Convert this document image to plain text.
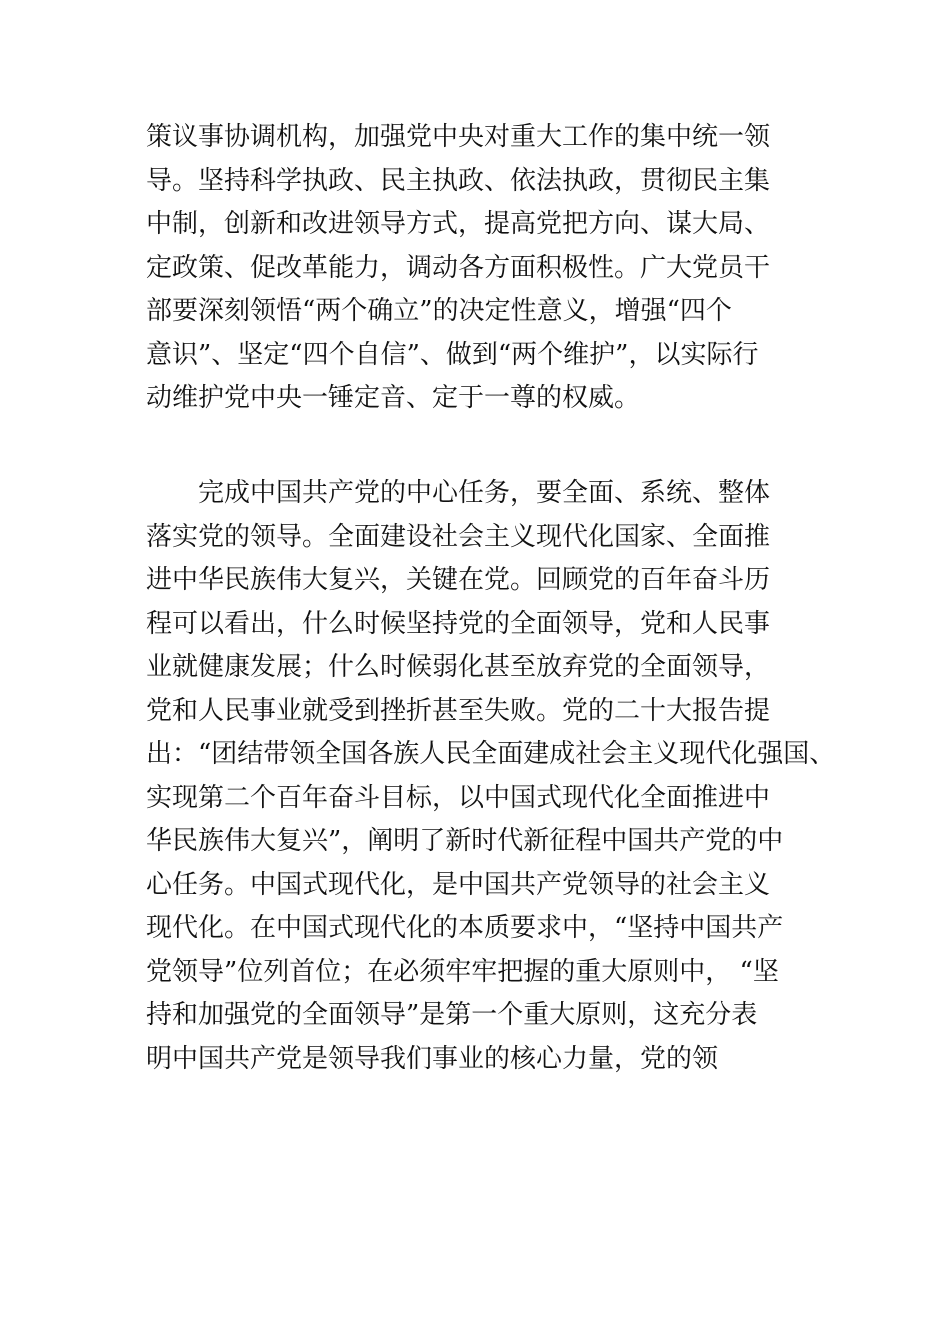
策议事协调机构，加强党中央对重大工作的集中统一领
导。坚持科学执政、民主执政、依法执政，贯彻民主集
中制，创新和改进领导方式，提高党把方向、谋大局、
定政策、促改革能力，调动各方面积极性。广大党员干
部要深刻领悟“两个确立”的决定性意义，增强“四个
意识”、坚定“四个自信”、做到“两个维护”，以实际行
动维护党中央一锤定音、定于一尊的权威。

完成中国共产党的中心任务，要全面、系统、整体
落实党的领导。全面建设社会主义现代化国家、全面推
进中华民族伟大复兴，关键在党。回顾党的百年奋斗历
程可以看出，什么时候坚持党的全面领导，党和人民事
业就健康发展；什么时候弱化甚至放弃党的全面领导，
党和人民事业就受到挫折甚至失败。党的二十大报告提
出：“团结带领全国各族人民全面建成社会主义现代化强国、
实现第二个百年奋斗目标，以中国式现代化全面推进中
华民族伟大复兴”，阐明了新时代新征程中国共产党的中
心任务。中国式现代化，是中国共产党领导的社会主义
现代化。在中国式现代化的本质要求中，“坚持中国共产
党领导”位列首位；在必须牢牢把握的重大原则中， “坚
持和加强党的全面领导”是第一个重大原则，这充分表
明中国共产党是领导我们事业的核心力量，党的领
